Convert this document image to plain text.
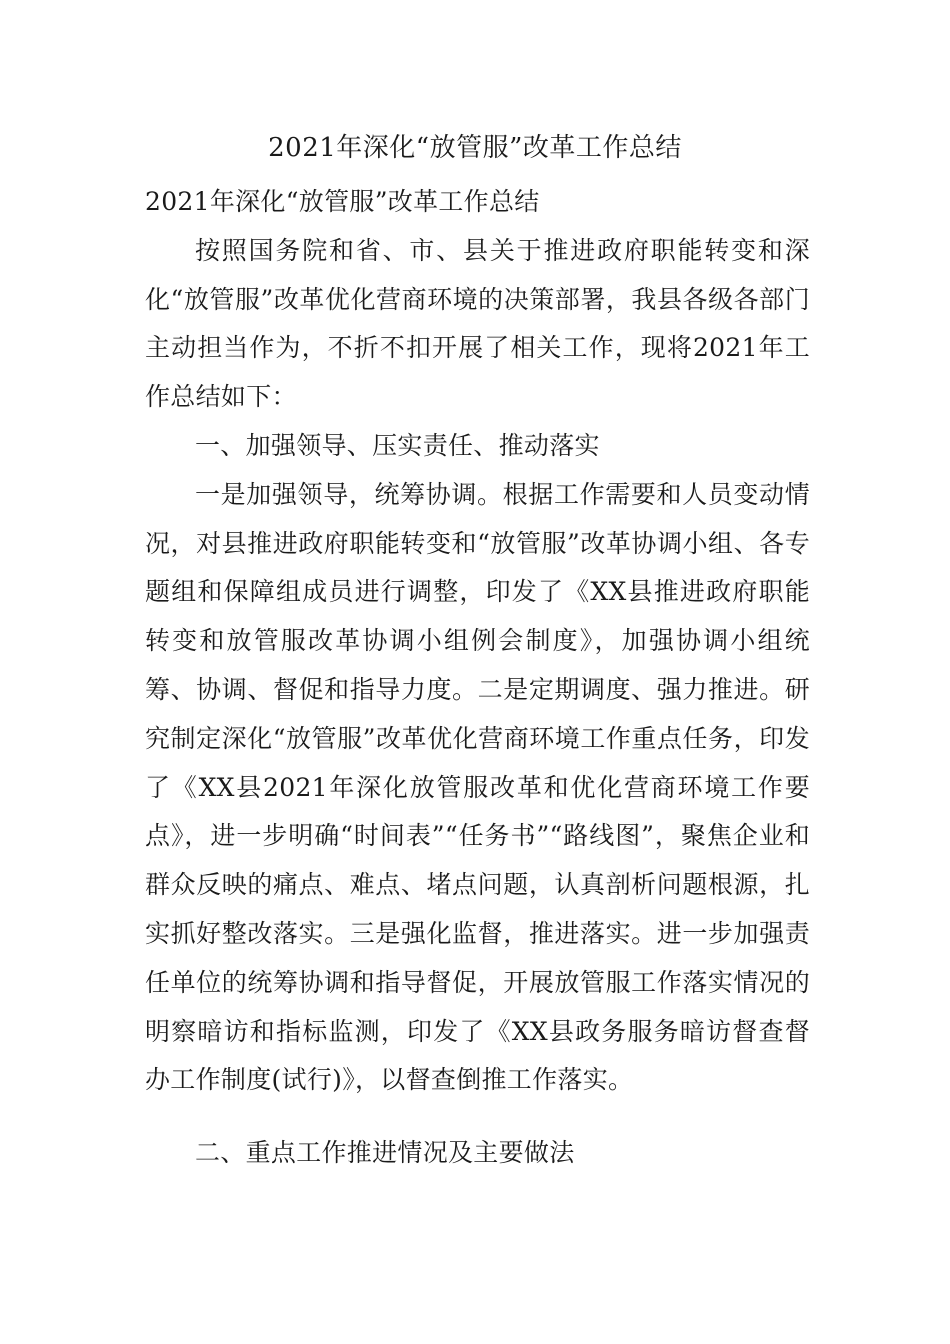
2021年深化“放管服”改革工作总结

2021年深化“放管服”改革工作总结

按照国务院和省、市、县关于推进政府职能转变和深化“放管服”改革优化营商环境的决策部署，我县各级各部门主动担当作为，不折不扣开展了相关工作，现将2021年工作总结如下：

一、加强领导、压实责任、推动落实

一是加强领导，统筹协调。根据工作需要和人员变动情况，对县推进政府职能转变和“放管服”改革协调小组、各专题组和保障组成员进行调整，印发了《XX县推进政府职能转变和放管服改革协调小组例会制度》，加强协调小组统筹、协调、督促和指导力度。二是定期调度、强力推进。研究制定深化“放管服”改革优化营商环境工作重点任务，印发了《XX县2021年深化放管服改革和优化营商环境工作要点》，进一步明确“时间表”“任务书”“路线图”，聚焦企业和群众反映的痛点、难点、堵点问题，认真剖析问题根源，扎实抓好整改落实。三是强化监督，推进落实。进一步加强责任单位的统筹协调和指导督促，开展放管服工作落实情况的明察暗访和指标监测，印发了《XX县政务服务暗访督查督办工作制度(试行)》，以督查倒推工作落实。

二、重点工作推进情况及主要做法
